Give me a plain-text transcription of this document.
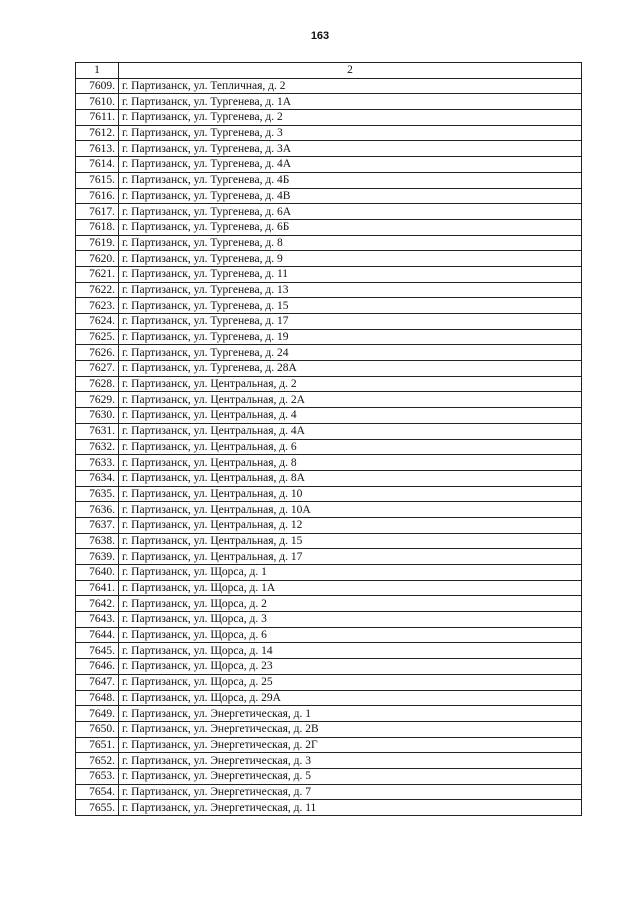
163
1	2
7609.	г. Партизанск, ул. Тепличная, д. 2
7610.	г. Партизанск, ул. Тургенева, д. 1А
7611.	г. Партизанск, ул. Тургенева, д. 2
7612.	г. Партизанск, ул. Тургенева, д. 3
7613.	г. Партизанск, ул. Тургенева, д. 3А
7614.	г. Партизанск, ул. Тургенева, д. 4А
7615.	г. Партизанск, ул. Тургенева, д. 4Б
7616.	г. Партизанск, ул. Тургенева, д. 4В
7617.	г. Партизанск, ул. Тургенева, д. 6А
7618.	г. Партизанск, ул. Тургенева, д. 6Б
7619.	г. Партизанск, ул. Тургенева, д. 8
7620.	г. Партизанск, ул. Тургенева, д. 9
7621.	г. Партизанск, ул. Тургенева, д. 11
7622.	г. Партизанск, ул. Тургенева, д. 13
7623.	г. Партизанск, ул. Тургенева, д. 15
7624.	г. Партизанск, ул. Тургенева, д. 17
7625.	г. Партизанск, ул. Тургенева, д. 19
7626.	г. Партизанск, ул. Тургенева, д. 24
7627.	г. Партизанск, ул. Тургенева, д. 28А
7628.	г. Партизанск, ул. Центральная, д. 2
7629.	г. Партизанск, ул. Центральная, д. 2А
7630.	г. Партизанск, ул. Центральная, д. 4
7631.	г. Партизанск, ул. Центральная, д. 4А
7632.	г. Партизанск, ул. Центральная, д. 6
7633.	г. Партизанск, ул. Центральная, д. 8
7634.	г. Партизанск, ул. Центральная, д. 8А
7635.	г. Партизанск, ул. Центральная, д. 10
7636.	г. Партизанск, ул. Центральная, д. 10А
7637.	г. Партизанск, ул. Центральная, д. 12
7638.	г. Партизанск, ул. Центральная, д. 15
7639.	г. Партизанск, ул. Центральная, д. 17
7640.	г. Партизанск, ул. Щорса, д. 1
7641.	г. Партизанск, ул. Щорса, д. 1А
7642.	г. Партизанск, ул. Щорса, д. 2
7643.	г. Партизанск, ул. Щорса, д. 3
7644.	г. Партизанск, ул. Щорса, д. 6
7645.	г. Партизанск, ул. Щорса, д. 14
7646.	г. Партизанск, ул. Щорса, д. 23
7647.	г. Партизанск, ул. Щорса, д. 25
7648.	г. Партизанск, ул. Щорса, д. 29А
7649.	г. Партизанск, ул. Энергетическая, д. 1
7650.	г. Партизанск, ул. Энергетическая, д. 2В
7651.	г. Партизанск, ул. Энергетическая, д. 2Г
7652.	г. Партизанск, ул. Энергетическая, д. 3
7653.	г. Партизанск, ул. Энергетическая, д. 5
7654.	г. Партизанск, ул. Энергетическая, д. 7
7655.	г. Партизанск, ул. Энергетическая, д. 11
